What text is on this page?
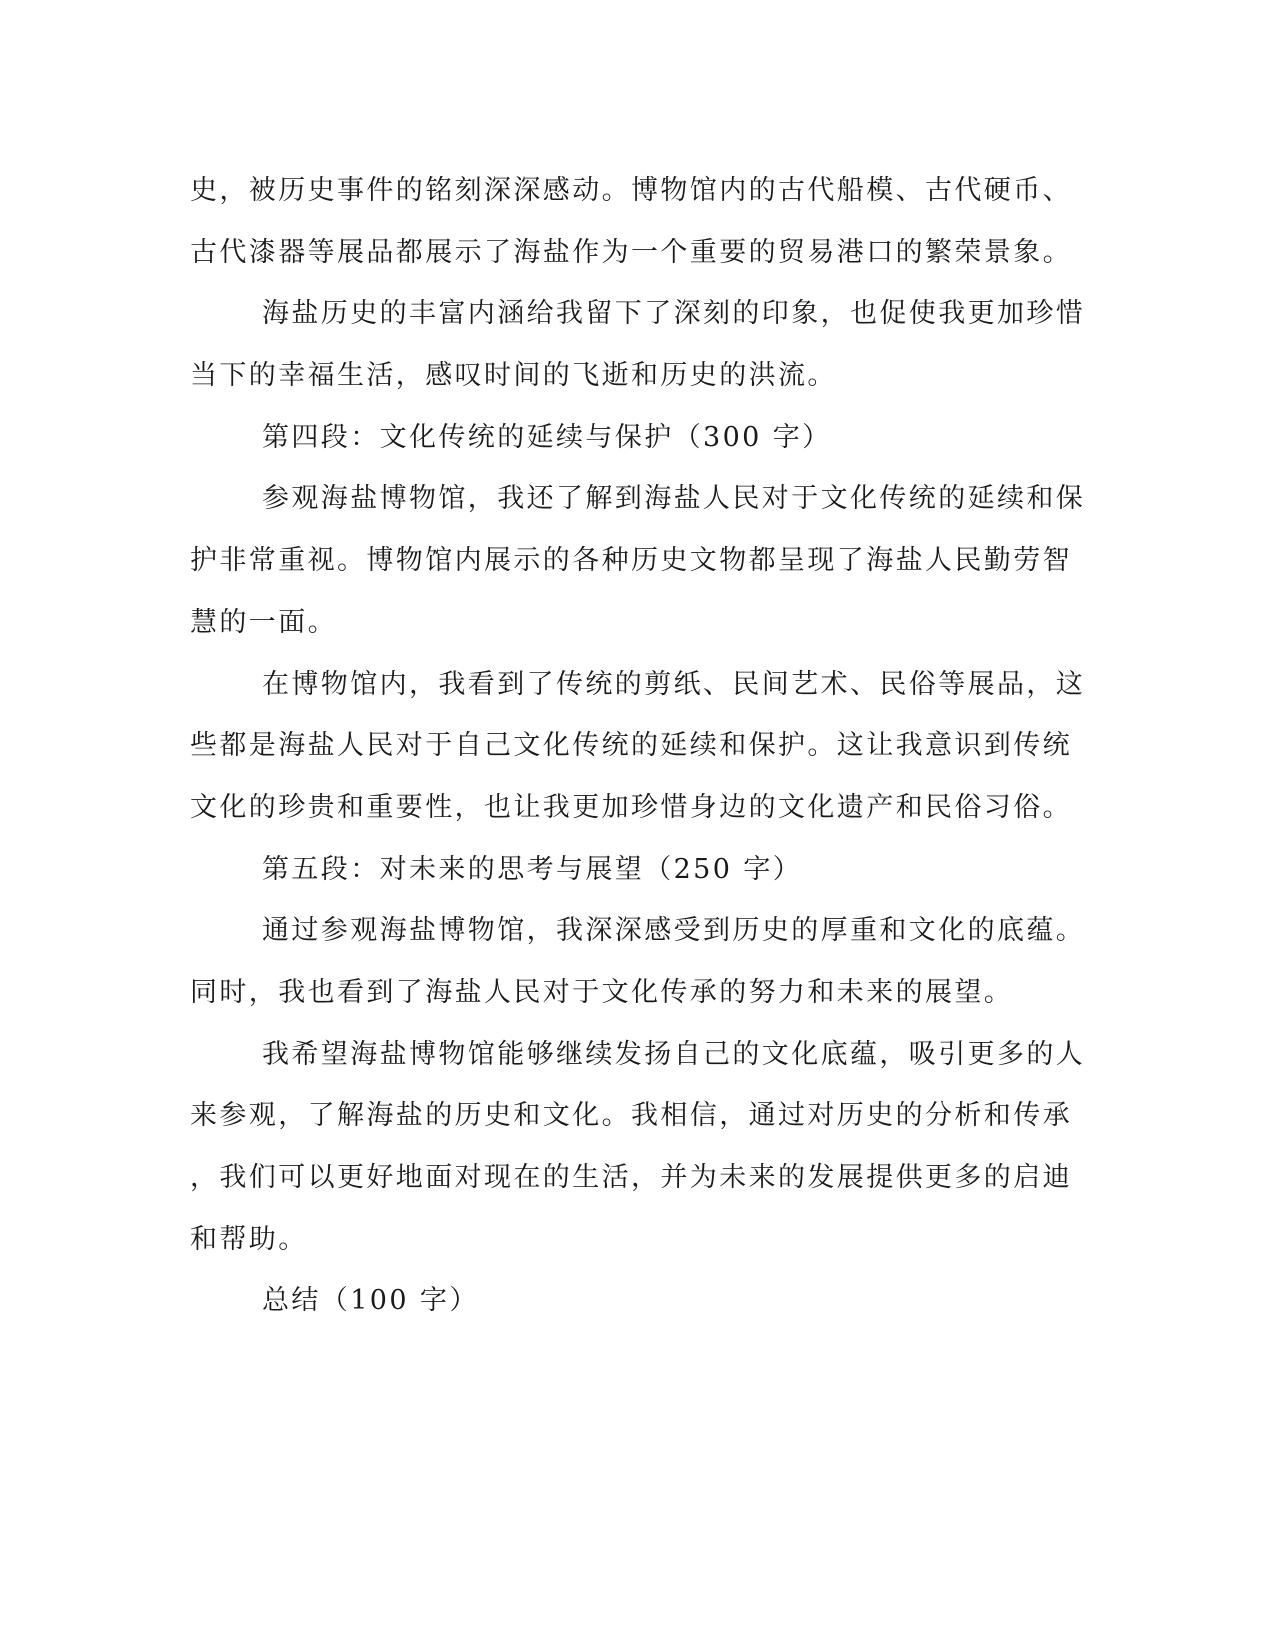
史，被历史事件的铭刻深深感动。博物馆内的古代船模、古代硬币、
古代漆器等展品都展示了海盐作为一个重要的贸易港口的繁荣景象。
海盐历史的丰富内涵给我留下了深刻的印象，也促使我更加珍惜
当下的幸福生活，感叹时间的飞逝和历史的洪流。
第四段：文化传统的延续与保护（300 字）
参观海盐博物馆，我还了解到海盐人民对于文化传统的延续和保
护非常重视。博物馆内展示的各种历史文物都呈现了海盐人民勤劳智
慧的一面。
在博物馆内，我看到了传统的剪纸、民间艺术、民俗等展品，这
些都是海盐人民对于自己文化传统的延续和保护。这让我意识到传统
文化的珍贵和重要性，也让我更加珍惜身边的文化遗产和民俗习俗。
第五段：对未来的思考与展望（250 字）
通过参观海盐博物馆，我深深感受到历史的厚重和文化的底蕴。
同时，我也看到了海盐人民对于文化传承的努力和未来的展望。
我希望海盐博物馆能够继续发扬自己的文化底蕴，吸引更多的人
来参观，了解海盐的历史和文化。我相信，通过对历史的分析和传承
，我们可以更好地面对现在的生活，并为未来的发展提供更多的启迪
和帮助。
总结（100 字）
